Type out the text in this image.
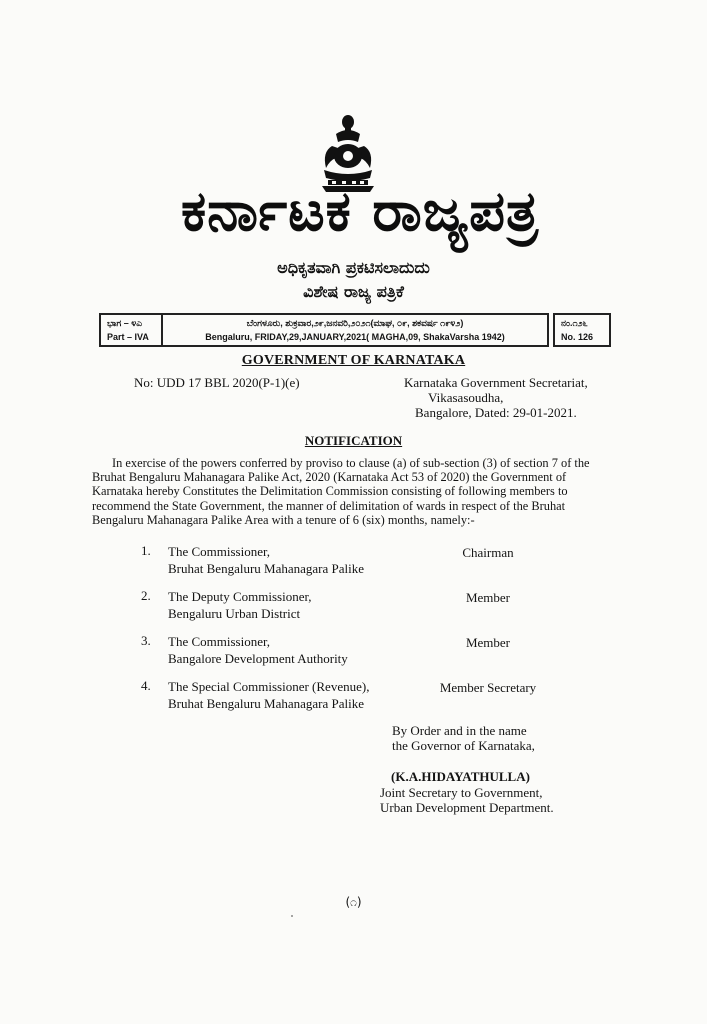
ಕರ್ನಾಟಕ ರಾಜ್ಯಪತ್ರ
ಅಧಿಕೃತವಾಗಿ ಪ್ರಕಟಿಸಲಾದುದು
ವಿಶೇಷ ರಾಜ್ಯ ಪತ್ರಿಕೆ
ಭಾಗ – ೪ಎ
Part – IVA
ಬೆಂಗಳೂರು, ಶುಕ್ರವಾರ,೨೯,ಜನವರಿ,೨೦೨೧(ಮಾಘ, ೦೯, ಶಕವರ್ಷ ೧೯೪೨)
Bengaluru, FRIDAY,29,JANUARY,2021( MAGHA,09, ShakaVarsha 1942)
ನಂ.೧೨೬
No. 126
GOVERNMENT OF KARNATAKA
No: UDD 17 BBL 2020(P-1)(e)	Karnataka Government Secretariat,
Vikasasoudha,
Bangalore, Dated: 29-01-2021.
NOTIFICATION
In exercise of the powers conferred by proviso to clause (a) of sub-section (3) of section 7 of the
Bruhat Bengaluru Mahanagara Palike Act, 2020 (Karnataka Act 53 of 2020) the Government of
Karnataka hereby Constitutes the Delimitation Commission consisting of following members to
recommend the State Government, the manner of delimitation of wards in respect of the Bruhat
Bengaluru Mahanagara Palike Area with a tenure of 6 (six) months, namely:-
1. The Commissioner,
Bruhat Bengaluru Mahanagara Palike
Chairman
2. The Deputy Commissioner,
Bengaluru Urban District
Member
3. The Commissioner,
Bangalore Development Authority
Member
4. The Special Commissioner (Revenue),
Bruhat Bengaluru Mahanagara Palike
Member Secretary
By Order and in the name
the Governor of Karnataka,
(K.A.HIDAYATHULLA)
Joint Secretary to Government,
Urban Development Department.
(೧)
